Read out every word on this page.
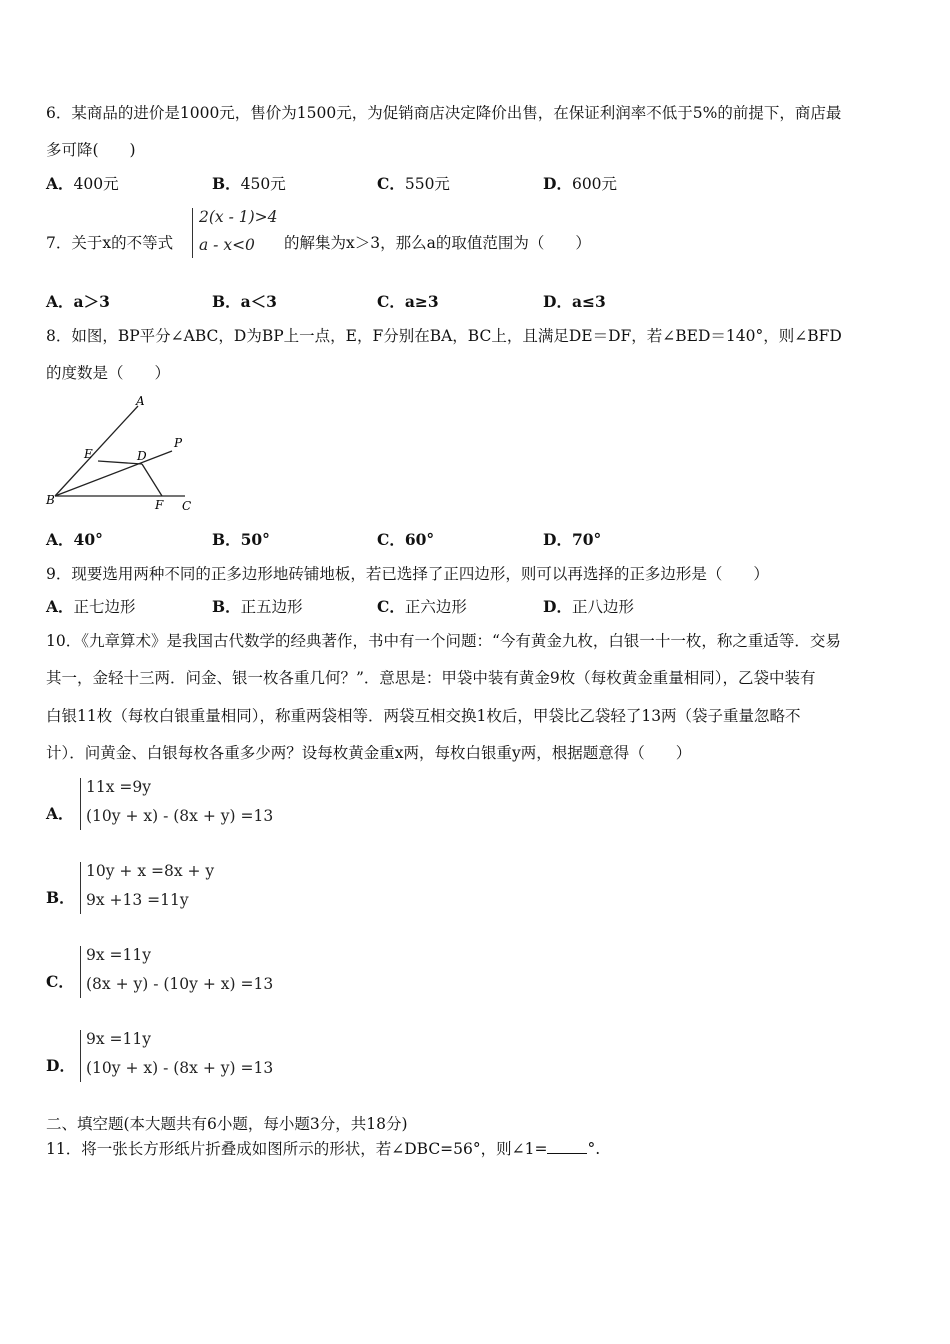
6．某商品的进价是1000元，售价为1500元，为促销商店决定降价出售，在保证利润率不低于5%的前提下，商店最
多可降(　　)
A．400元	B．450元	C．550元	D．600元
7．关于x的不等式
2(x - 1)>4
a - x<0 的解集为x＞3，那么a的取值范围为（　　）
A．a＞3	B．a＜3	C．a≥3	D．a≤3
8．如图，BP平分∠ABC，D为BP上一点，E，F分别在BA，BC上，且满足DE＝DF，若∠BED＝140°，则∠BFD
的度数是（　　）
A
P
E	D
B	F C
A．40°	B．50°	C．60°	D．70°
9．现要选用两种不同的正多边形地砖铺地板，若已选择了正四边形，则可以再选择的正多边形是（　　）
A．正七边形	B．正五边形	C．正六边形	D．正八边形
10．《九章算术》是我国古代数学的经典著作，书中有一个问题：“今有黄金九枚，白银一十一枚，称之重适等．交易
其一，金轻十三两．问金、银一枚各重几何？”．意思是：甲袋中装有黄金9枚（每枚黄金重量相同），乙袋中装有
白银11枚（每枚白银重量相同），称重两袋相等．两袋互相交换1枚后，甲袋比乙袋轻了13两（袋子重量忽略不
计）．问黄金、白银每枚各重多少两？设每枚黄金重x两，每枚白银重y两，根据题意得（　　）
A．
11x =9y
(10y + x) - (8x + y) =13
B．
10y + x =8x + y
9x +13 =11y
C．
9x =11y
(8x + y) - (10y + x) =13
D．
9x =11y
(10y + x) - (8x + y) =13
二、填空题(本大题共有6小题，每小题3分，共18分)
11．将一张长方形纸片折叠成如图所示的形状，若∠DBC=56°，则∠1=	°.
